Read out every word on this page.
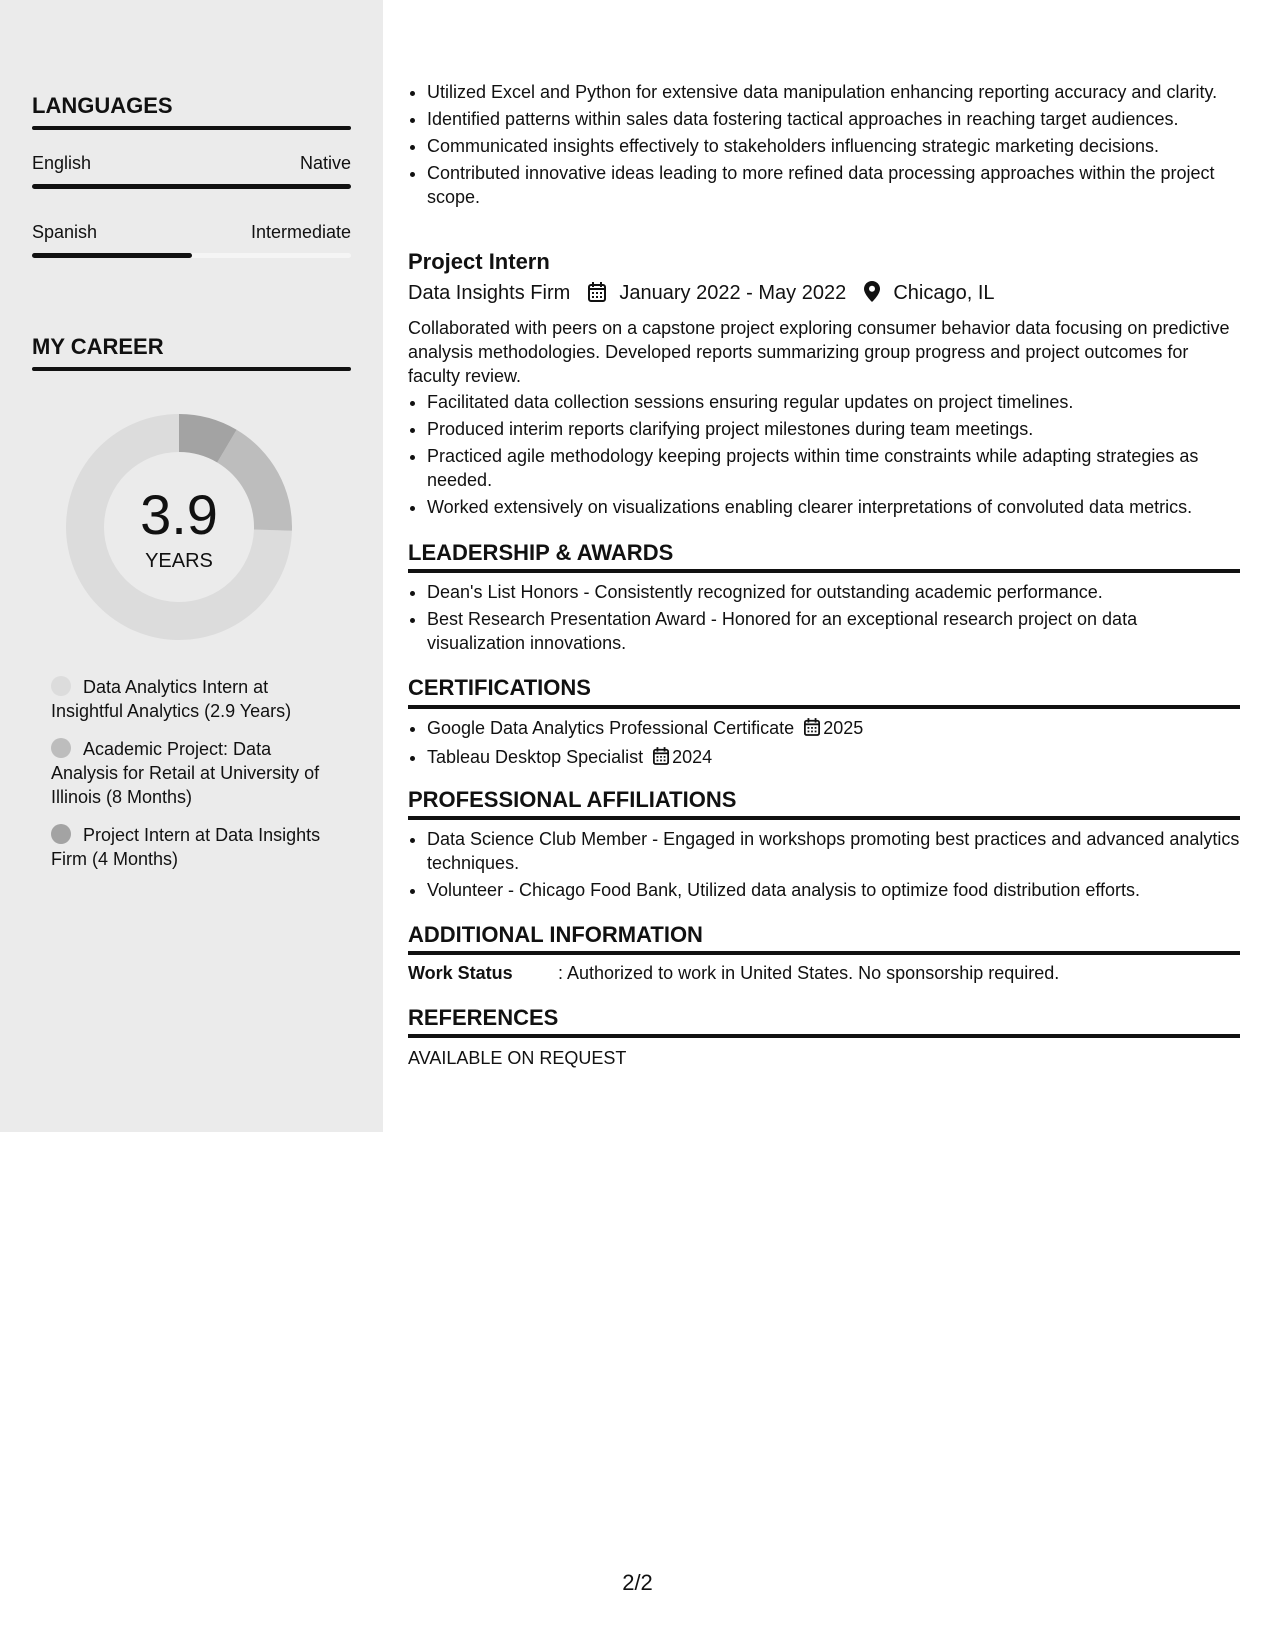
LANGUAGES
English	Native
Spanish	Intermediate
MY CAREER
3.9
YEARS
Data Analytics Intern at Insightful Analytics (2.9 Years)
Academic Project: Data Analysis for Retail at University of Illinois (8 Months)
Project Intern at Data Insights Firm (4 Months)
• Utilized Excel and Python for extensive data manipulation enhancing reporting accuracy and clarity.
• Identified patterns within sales data fostering tactical approaches in reaching target audiences.
• Communicated insights effectively to stakeholders influencing strategic marketing decisions.
• Contributed innovative ideas leading to more refined data processing approaches within the project scope.
Project Intern
Data Insights Firm January 2022 - May 2022 Chicago, IL
Collaborated with peers on a capstone project exploring consumer behavior data focusing on predictive analysis methodologies. Developed reports summarizing group progress and project outcomes for faculty review.
• Facilitated data collection sessions ensuring regular updates on project timelines.
• Produced interim reports clarifying project milestones during team meetings.
• Practiced agile methodology keeping projects within time constraints while adapting strategies as needed.
• Worked extensively on visualizations enabling clearer interpretations of convoluted data metrics.
LEADERSHIP & AWARDS
• Dean's List Honors - Consistently recognized for outstanding academic performance.
• Best Research Presentation Award - Honored for an exceptional research project on data visualization innovations.
CERTIFICATIONS
• Google Data Analytics Professional Certificate 2025
• Tableau Desktop Specialist 2024
PROFESSIONAL AFFILIATIONS
• Data Science Club Member - Engaged in workshops promoting best practices and advanced analytics techniques.
• Volunteer - Chicago Food Bank, Utilized data analysis to optimize food distribution efforts.
ADDITIONAL INFORMATION
Work Status	: Authorized to work in United States. No sponsorship required.
REFERENCES
AVAILABLE ON REQUEST
2/2
